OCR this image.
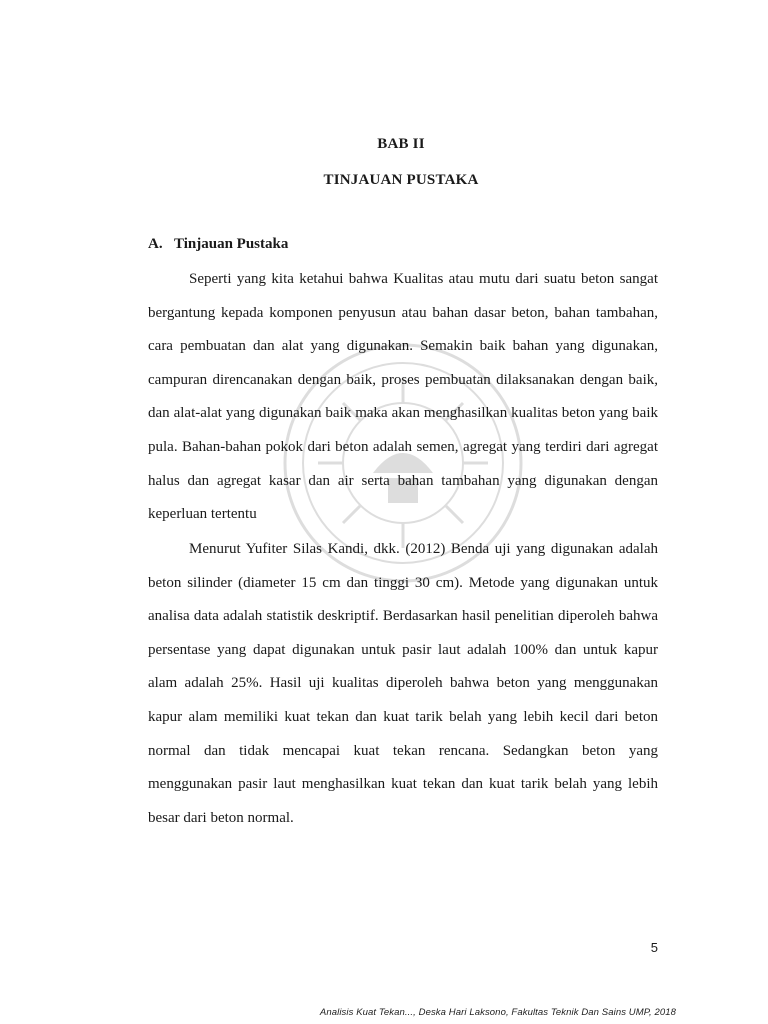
BAB II
TINJAUAN PUSTAKA
A. Tinjauan Pustaka

Seperti yang kita ketahui bahwa Kualitas atau mutu dari suatu beton sangat bergantung kepada komponen penyusun atau bahan dasar beton, bahan tambahan, cara pembuatan dan alat yang digunakan. Semakin baik bahan yang digunakan, campuran direncanakan dengan baik, proses pembuatan dilaksanakan dengan baik, dan alat-alat yang digunakan baik maka akan menghasilkan kualitas beton yang baik pula. Bahan-bahan pokok dari beton adalah semen, agregat yang terdiri dari agregat halus dan agregat kasar dan air serta bahan tambahan yang digunakan dengan keperluan tertentu

Menurut Yufiter Silas Kandi, dkk. (2012) Benda uji yang digunakan adalah beton silinder (diameter 15 cm dan tinggi 30 cm). Metode yang digunakan untuk analisa data adalah statistik deskriptif. Berdasarkan hasil penelitian diperoleh bahwa persentase yang dapat digunakan untuk pasir laut adalah 100% dan untuk kapur alam adalah 25%. Hasil uji kualitas diperoleh bahwa beton yang menggunakan kapur alam memiliki kuat tekan dan kuat tarik belah yang lebih kecil dari beton normal dan tidak mencapai kuat tekan rencana. Sedangkan beton yang menggunakan pasir laut menghasilkan kuat tekan dan kuat tarik belah yang lebih besar dari beton normal.

5
Analisis Kuat Tekan..., Deska Hari Laksono, Fakultas Teknik Dan Sains UMP, 2018
